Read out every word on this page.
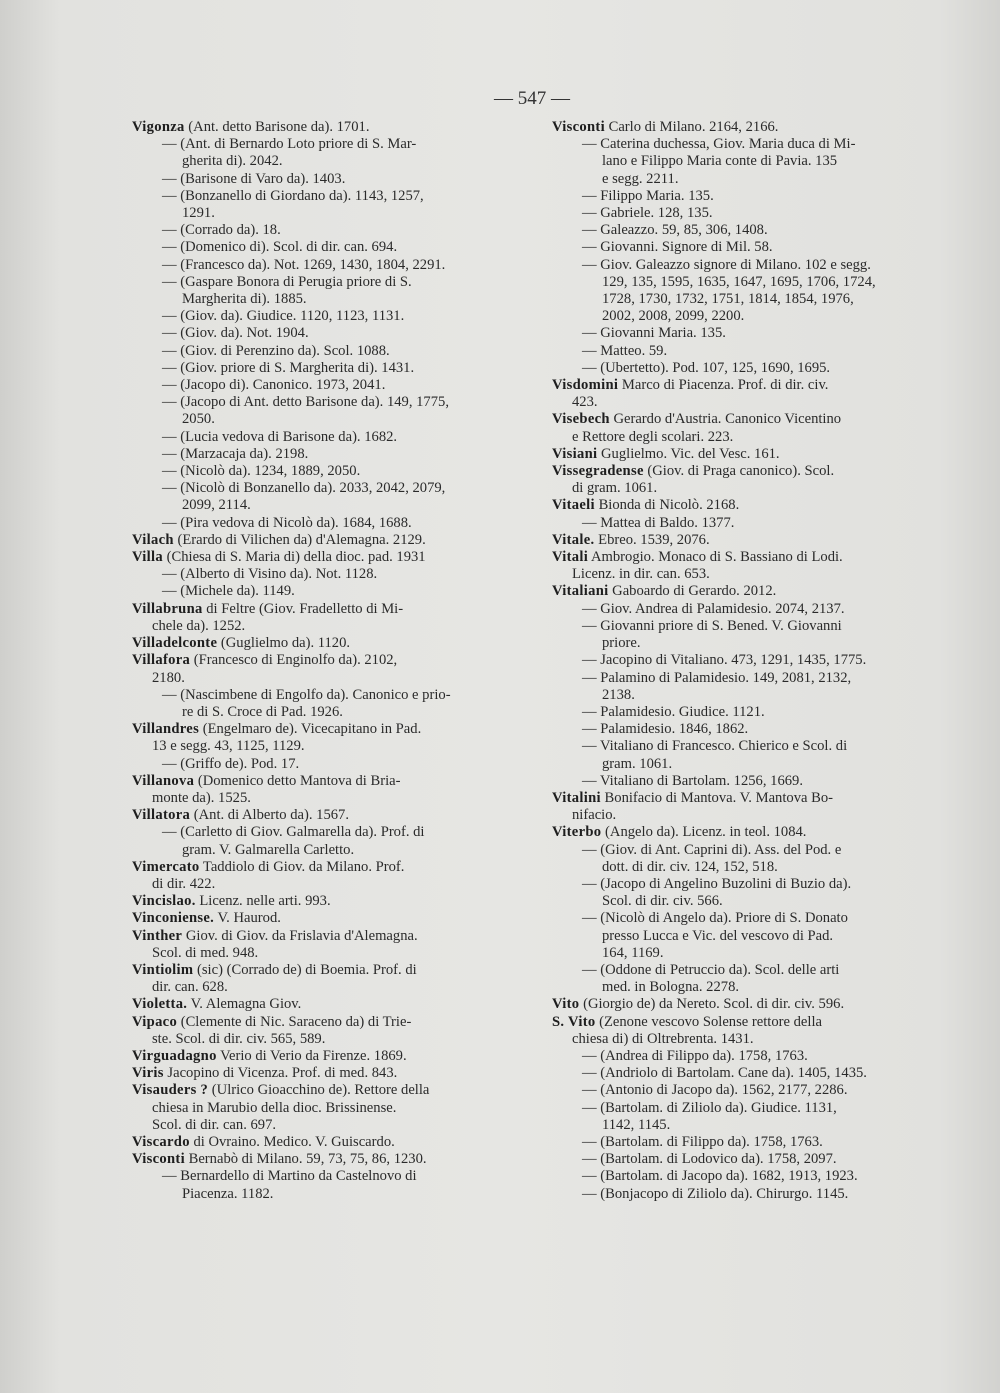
— 547 —
Vigonza (Ant. detto Barisone da). 1701.
— (Ant. di Bernardo Loto priore di S. Mar-
gherita di). 2042.
— (Barisone di Varo da). 1403.
— (Bonzanello di Giordano da). 1143, 1257,
1291.
— (Corrado da). 18.
— (Domenico di). Scol. di dir. can. 694.
— (Francesco da). Not. 1269, 1430, 1804, 2291.
— (Gaspare Bonora di Perugia priore di S.
Margherita di). 1885.
— (Giov. da). Giudice. 1120, 1123, 1131.
— (Giov. da). Not. 1904.
— (Giov. di Perenzino da). Scol. 1088.
— (Giov. priore di S. Margherita di). 1431.
— (Jacopo di). Canonico. 1973, 2041.
— (Jacopo di Ant. detto Barisone da). 149, 1775,
2050.
— (Lucia vedova di Barisone da). 1682.
— (Marzacaja da). 2198.
— (Nicolò da). 1234, 1889, 2050.
— (Nicolò di Bonzanello da). 2033, 2042, 2079,
2099, 2114.
— (Pira vedova di Nicolò da). 1684, 1688.
Vilach (Erardo di Vilichen da) d'Alemagna. 2129.
Villa (Chiesa di S. Maria di) della dioc. pad. 1931
— (Alberto di Visino da). Not. 1128.
— (Michele da). 1149.
Villabruna di Feltre (Giov. Fradelletto di Mi-
chele da). 1252.
Villadelconte (Guglielmo da). 1120.
Villafora (Francesco di Enginolfo da). 2102,
2180.
— (Nascimbene di Engolfo da). Canonico e prio-
re di S. Croce di Pad. 1926.
Villandres (Engelmaro de). Vicecapitano in Pad.
13 e segg. 43, 1125, 1129.
— (Griffo de). Pod. 17.
Villanova (Domenico detto Mantova di Bria-
monte da). 1525.
Villatora (Ant. di Alberto da). 1567.
— (Carletto di Giov. Galmarella da). Prof. di
gram. V. Galmarella Carletto.
Vimercato Taddiolo di Giov. da Milano. Prof.
di dir. 422.
Vincislao. Licenz. nelle arti. 993.
Vinconiense. V. Haurod.
Vinther Giov. di Giov. da Frislavia d'Alemagna.
Scol. di med. 948.
Vintiolim (sic) (Corrado de) di Boemia. Prof. di
dir. can. 628.
Violetta. V. Alemagna Giov.
Vipaco (Clemente di Nic. Saraceno da) di Trie-
ste. Scol. di dir. civ. 565, 589.
Virguadagno Verio di Verio da Firenze. 1869.
Viris Jacopino di Vicenza. Prof. di med. 843.
Visauders ? (Ulrico Gioacchino de). Rettore della
chiesa in Marubio della dioc. Brissinense.
Scol. di dir. can. 697.
Viscardo di Ovraino. Medico. V. Guiscardo.
Visconti Bernabò di Milano. 59, 73, 75, 86, 1230.
— Bernardello di Martino da Castelnovo di
Piacenza. 1182.
Visconti Carlo di Milano. 2164, 2166.
— Caterina duchessa, Giov. Maria duca di Mi-
lano e Filippo Maria conte di Pavia. 135
e segg. 2211.
— Filippo Maria. 135.
— Gabriele. 128, 135.
— Galeazzo. 59, 85, 306, 1408.
— Giovanni. Signore di Mil. 58.
— Giov. Galeazzo signore di Milano. 102 e segg.
129, 135, 1595, 1635, 1647, 1695, 1706, 1724,
1728, 1730, 1732, 1751, 1814, 1854, 1976,
2002, 2008, 2099, 2200.
— Giovanni Maria. 135.
— Matteo. 59.
— (Ubertetto). Pod. 107, 125, 1690, 1695.
Visdomini Marco di Piacenza. Prof. di dir. civ.
423.
Visebech Gerardo d'Austria. Canonico Vicentino
e Rettore degli scolari. 223.
Visiani Guglielmo. Vic. del Vesc. 161.
Vissegradense (Giov. di Praga canonico). Scol.
di gram. 1061.
Vitaeli Bionda di Nicolò. 2168.
— Mattea di Baldo. 1377.
Vitale. Ebreo. 1539, 2076.
Vitali Ambrogio. Monaco di S. Bassiano di Lodi.
Licenz. in dir. can. 653.
Vitaliani Gaboardo di Gerardo. 2012.
— Giov. Andrea di Palamidesio. 2074, 2137.
— Giovanni priore di S. Bened. V. Giovanni
priore.
— Jacopino di Vitaliano. 473, 1291, 1435, 1775.
— Palamino di Palamidesio. 149, 2081, 2132,
2138.
— Palamidesio. Giudice. 1121.
— Palamidesio. 1846, 1862.
— Vitaliano di Francesco. Chierico e Scol. di
gram. 1061.
— Vitaliano di Bartolam. 1256, 1669.
Vitalini Bonifacio di Mantova. V. Mantova Bo-
nifacio.
Viterbo (Angelo da). Licenz. in teol. 1084.
— (Giov. di Ant. Caprini di). Ass. del Pod. e
dott. di dir. civ. 124, 152, 518.
— (Jacopo di Angelino Buzolini di Buzio da).
Scol. di dir. civ. 566.
— (Nicolò di Angelo da). Priore di S. Donato
presso Lucca e Vic. del vescovo di Pad.
164, 1169.
— (Oddone di Petruccio da). Scol. delle arti
med. in Bologna. 2278.
Vito (Giorgio de) da Nereto. Scol. di dir. civ. 596.
S. Vito (Zenone vescovo Solense rettore della
chiesa di) di Oltrebrenta. 1431.
— (Andrea di Filippo da). 1758, 1763.
— (Andriolo di Bartolam. Cane da). 1405, 1435.
— (Antonio di Jacopo da). 1562, 2177, 2286.
— (Bartolam. di Ziliolo da). Giudice. 1131,
1142, 1145.
— (Bartolam. di Filippo da). 1758, 1763.
— (Bartolam. di Lodovico da). 1758, 2097.
— (Bartolam. di Jacopo da). 1682, 1913, 1923.
— (Bonjacopo di Ziliolo da). Chirurgo. 1145.
